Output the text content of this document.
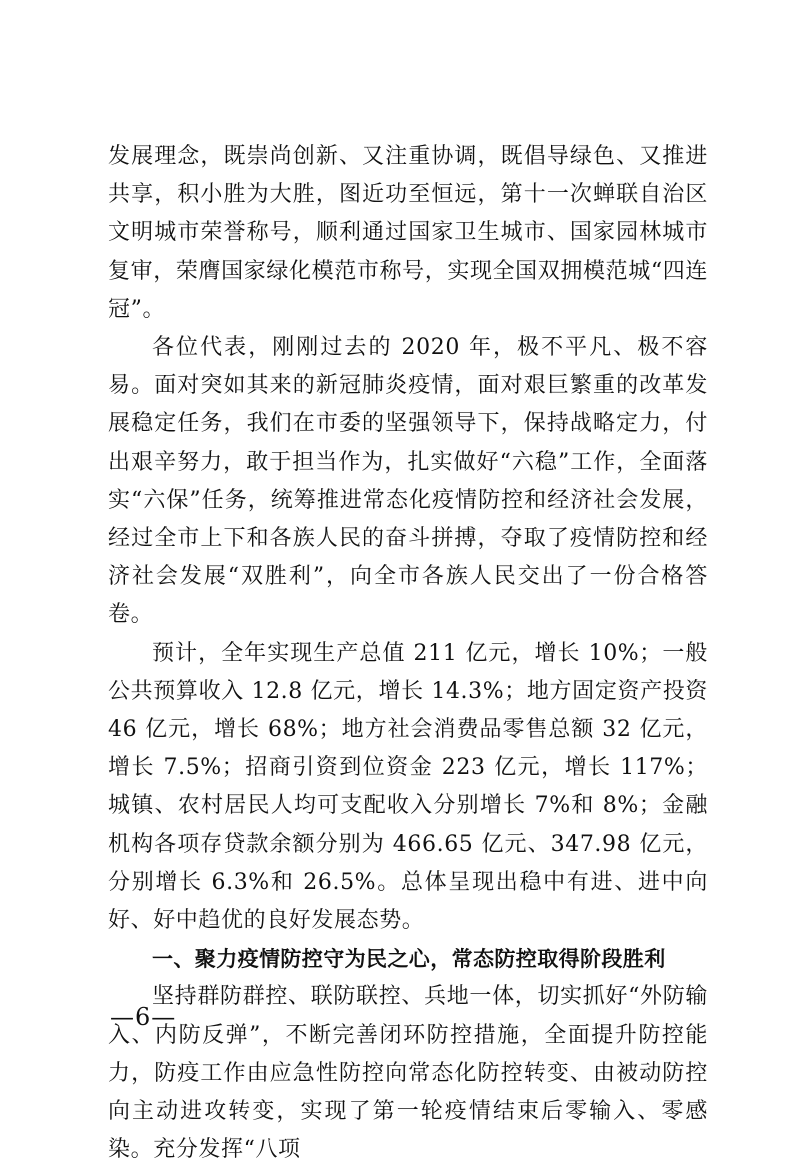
发展理念，既崇尚创新、又注重协调，既倡导绿色、又推进共享，积小胜为大胜，图近功至恒远，第十一次蝉联自治区文明城市荣誉称号，顺利通过国家卫生城市、国家园林城市复审，荣膺国家绿化模范市称号，实现全国双拥模范城“四连冠”。

各位代表，刚刚过去的 2020 年，极不平凡、极不容易。面对突如其来的新冠肺炎疫情，面对艰巨繁重的改革发展稳定任务，我们在市委的坚强领导下，保持战略定力，付出艰辛努力，敢于担当作为，扎实做好“六稳”工作，全面落实“六保”任务，统筹推进常态化疫情防控和经济社会发展，经过全市上下和各族人民的奋斗拼搏，夺取了疫情防控和经济社会发展“双胜利”，向全市各族人民交出了一份合格答卷。

预计，全年实现生产总值 211 亿元，增长 10%；一般公共预算收入 12.8 亿元，增长 14.3%；地方固定资产投资 46 亿元，增长 68%；地方社会消费品零售总额 32 亿元，增长 7.5%；招商引资到位资金 223 亿元，增长 117%；城镇、农村居民人均可支配收入分别增长 7%和 8%；金融机构各项存贷款余额分别为 466.65 亿元、347.98 亿元，分别增长 6.3%和 26.5%。总体呈现出稳中有进、进中向好、好中趋优的良好发展态势。

一、聚力疫情防控守为民之心，常态防控取得阶段胜利

坚持群防群控、联防联控、兵地一体，切实抓好“外防输入、内防反弹”，不断完善闭环防控措施，全面提升防控能力，防疫工作由应急性防控向常态化防控转变、由被动防控向主动进攻转变，实现了第一轮疫情结束后零输入、零感染。充分发挥“八项

—6—
